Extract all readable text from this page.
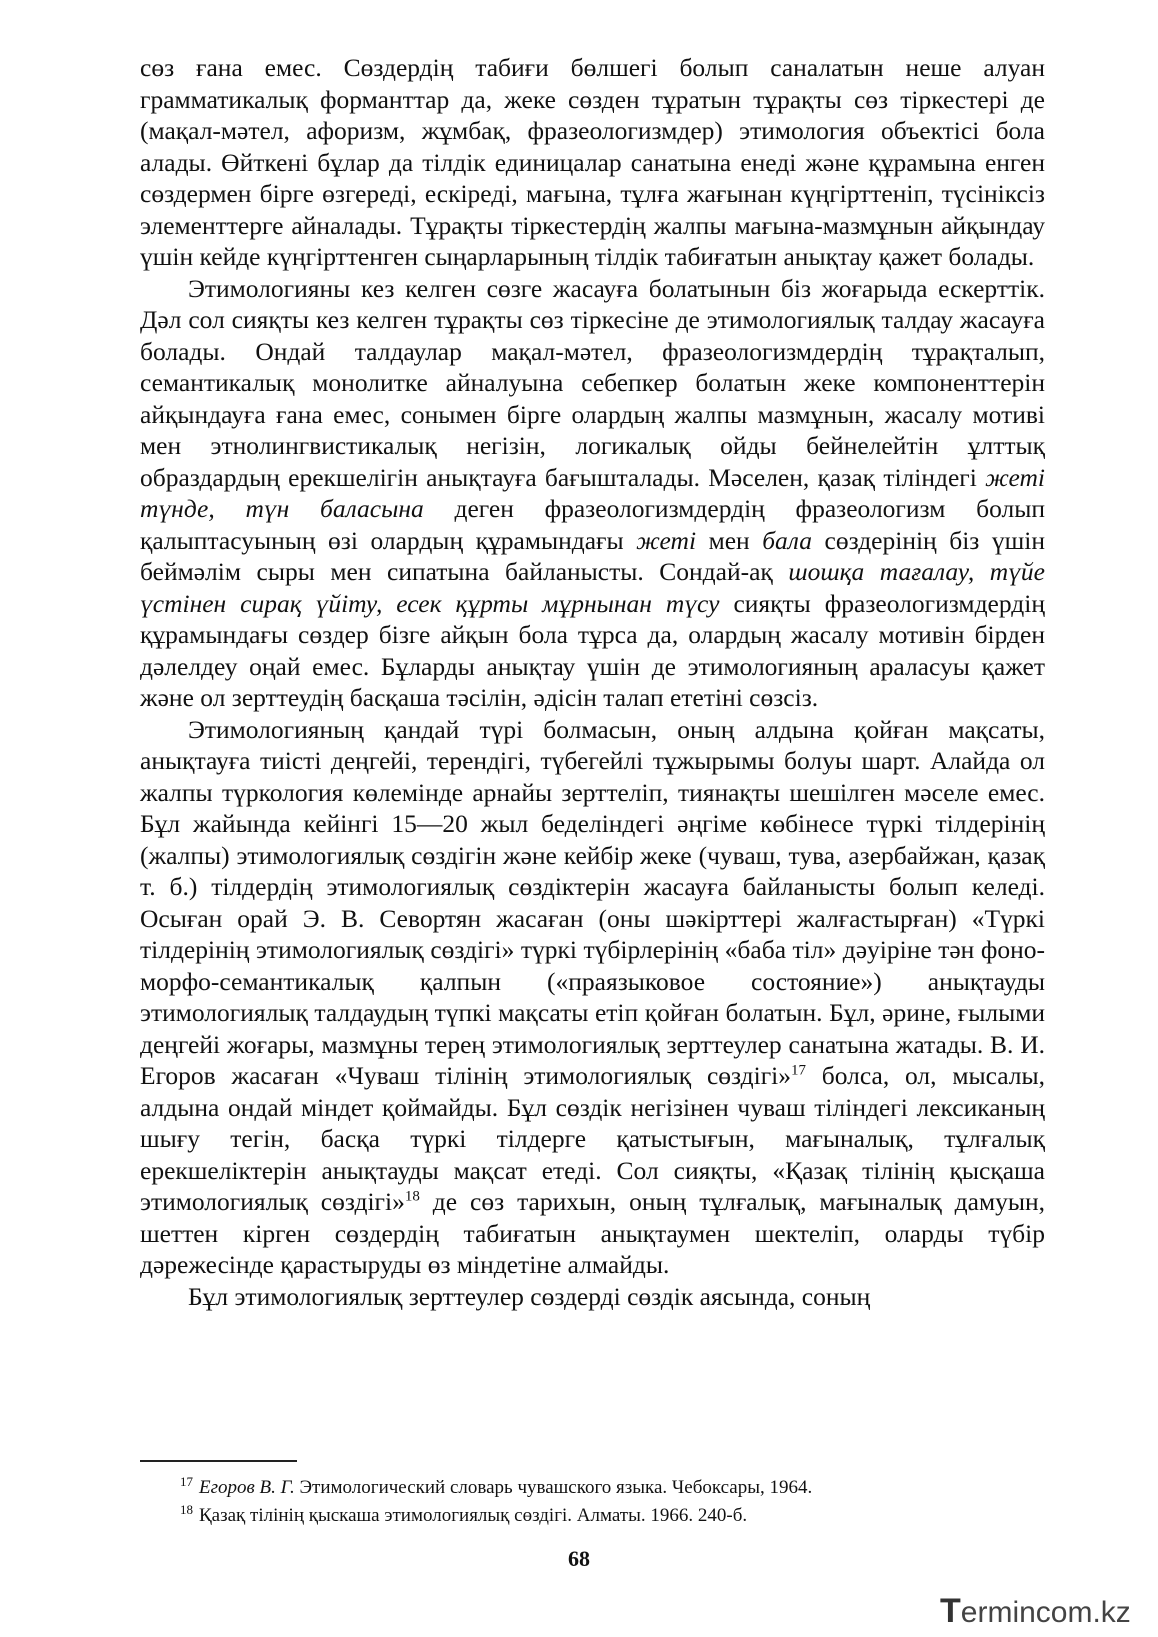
сөз ғана емес. Сөздердің табиғи бөлшегі болып саналатын неше алуан грамматикалық форманттар да, жеке сөзден тұратын тұрақты сөз тіркестері де (мақал-мәтел, афоризм, жұмбақ, фразеологизмдер) этимология объектісі бола алады. Өйткені бұлар да тілдік единицалар санатына енеді және құрамына енген сөздермен бірге өзгереді, ескіреді, мағына, тұлға жағынан күңгірттеніп, түсініксіз элементтерге айналады. Тұрақты тіркестердің жалпы мағына-мазмұнын айқындау үшін кейде күңгірттенген сыңарларының тілдік табиғатын анықтау қажет болады.

Этимологияны кез келген сөзге жасауға болатынын біз жоғарыда ескерттік. Дәл сол сияқты кез келген тұрақты сөз тіркесіне де этимологиялық талдау жасауға болады. Ондай талдаулар мақал-мәтел, фразеологизмдердің тұрақталып, семантикалық монолитке айналуына себепкер болатын жеке компоненттерін айқындауға ғана емес, сонымен бірге олардың жалпы мазмұнын, жасалу мотиві мен этнолингвистикалық негізін, логикалық ойды бейнелейтін ұлттық образдардың ерекшелігін анықтауға бағышталады. Мәселен, қазақ тіліндегі жеті түнде, түн баласына деген фразеологизмдердің фразеологизм болып қалыптасуының өзі олардың құрамындағы жеті мен бала сөздерінің біз үшін беймәлім сыры мен сипатына байланысты. Сондай-ақ шошқа тағалау, түйе үстінен сирақ үйіту, есек құрты мұрнынан түсу сияқты фразеологизмдердің құрамындағы сөздер бізге айқын бола тұрса да, олардың жасалу мотивін бірден дәлелдеу оңай емес. Бұларды анықтау үшін де этимологияның араласуы қажет және ол зерттеудің басқаша тәсілін, әдісін талап ететіні сөзсіз.

Этимологияның қандай түрі болмасын, оның алдына қойған мақсаты, анықтауға тиісті деңгейі, терендігі, түбегейлі тұжырымы болуы шарт. Алайда ол жалпы түркология көлемінде арнайы зерттеліп, тиянақты шешілген мәселе емес. Бұл жайында кейінгі 15—20 жыл беделіндегі әңгіме көбінесе түркі тілдерінің (жалпы) этимологиялық сөздігін және кейбір жеке (чуваш, тува, азербайжан, қазақ т. б.) тілдердің этимологиялық сөздіктерін жасауға байланысты болып келеді. Осыған орай Э. В. Севортян жасаған (оны шәкірттері жалғастырған) «Түркі тілдерінің этимологиялық сөздігі» түркі түбірлерінің «баба тіл» дәуіріне тән фоно-морфо-семантикалық қалпын («праязыковое состояние») анықтауды этимологиялық талдаудың түпкі мақсаты етіп қойған болатын. Бұл, әрине, ғылыми деңгейі жоғары, мазмұны терең этимологиялық зерттеулер санатына жатады. В. И. Егоров жасаған «Чуваш тілінің этимологиялық сөздігі»$^{17}$ болса, ол, мысалы, алдына ондай міндет қоймайды. Бұл сөздік негізінен чуваш тіліндегі лексиканың шығу тегін, басқа түркі тілдерге қатыстығын, мағыналық, тұлғалық ерекшеліктерін анықтауды мақсат етеді. Сол сияқты, «Қазақ тілінің қысқаша этимологиялық сөздігі»$^{18}$ де сөз тарихын, оның тұлғалық, мағыналық дамуын, шеттен кірген сөздердің табиғатын анықтаумен шектеліп, оларды түбір дәрежесінде қарастыруды өз міндетіне алмайды.

Бұл этимологиялық зерттеулер сөздерді сөздік аясында, соның

$^{17}$ Егоров В. Г. Этимологический словарь чувашского языка. Чебоксары, 1964.

$^{18}$ Қазақ тілінің қыскаша этимологиялық сөздігі. Алматы. 1966. 240-б.

68
Termincom.kz
